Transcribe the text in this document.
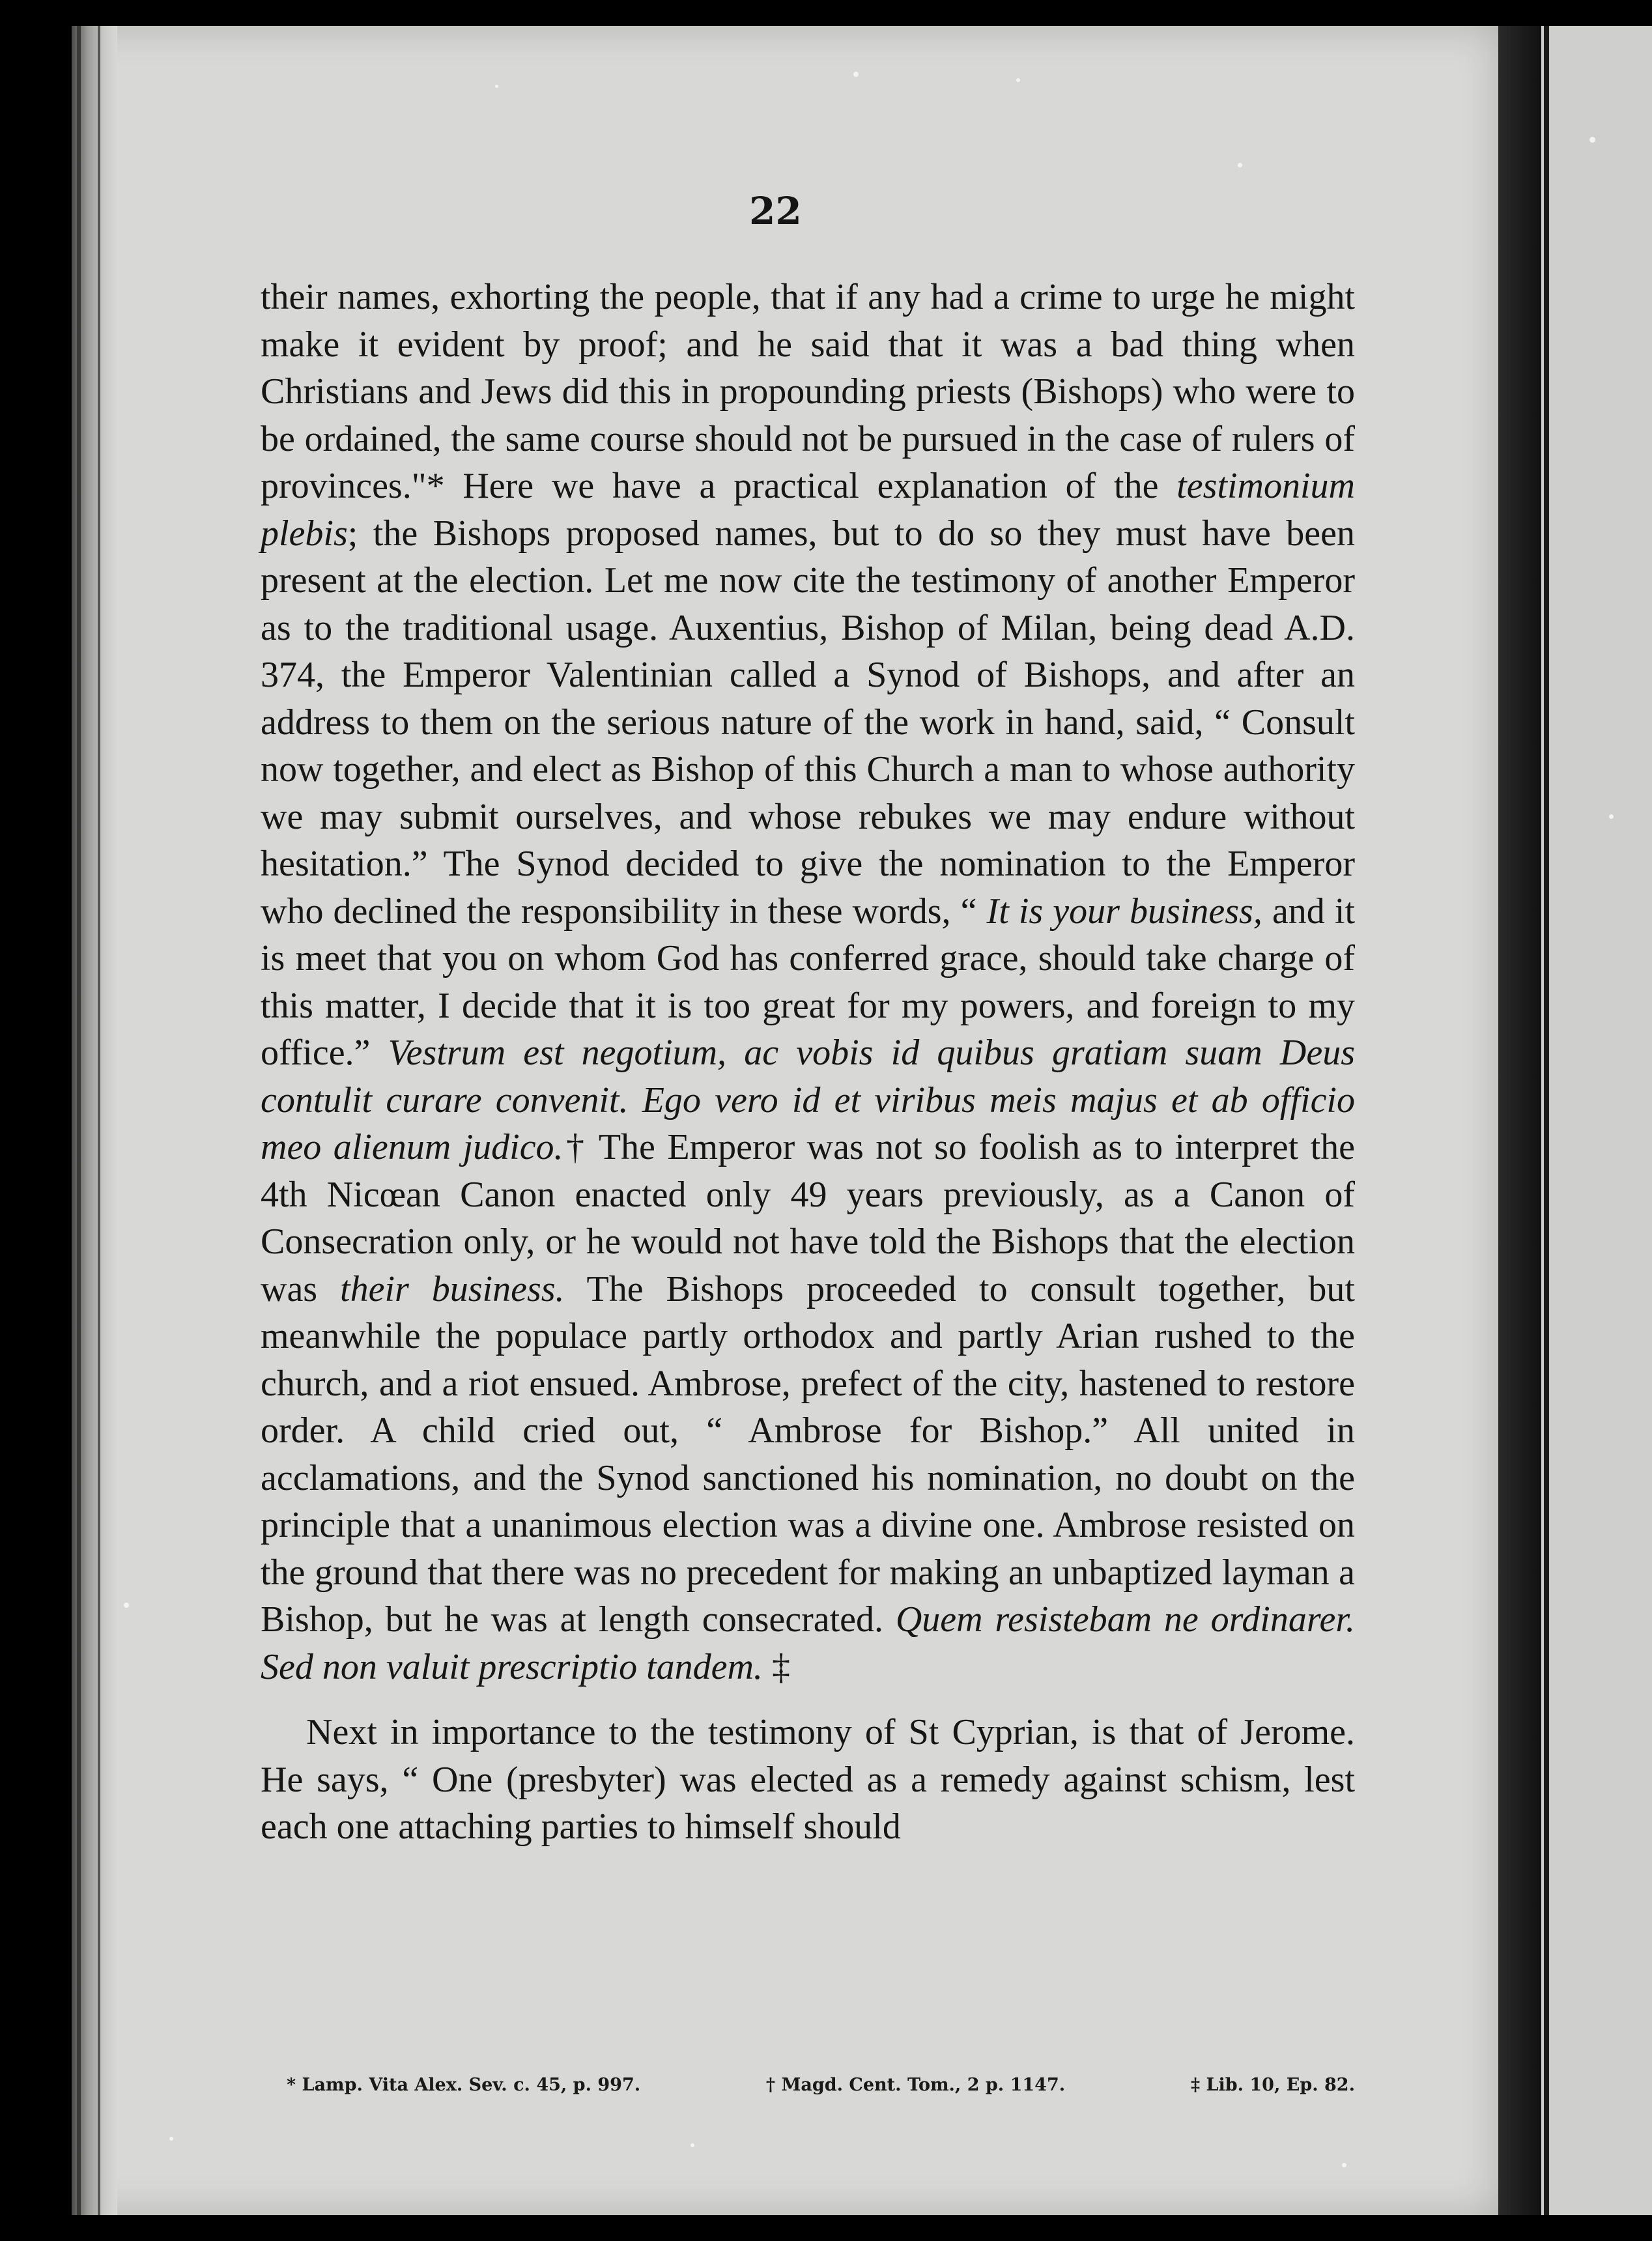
22

their names, exhorting the people, that if any had a crime to urge he might make it evident by proof; and he said that it was a bad thing when Christians and Jews did this in propounding priests (Bishops) who were to be ordained, the same course should not be pursued in the case of rulers of provinces."* Here we have a practical explanation of the testimonium plebis; the Bishops proposed names, but to do so they must have been present at the election. Let me now cite the testimony of another Emperor as to the traditional usage. Auxentius, Bishop of Milan, being dead A.D. 374, the Emperor Valentinian called a Synod of Bishops, and after an address to them on the serious nature of the work in hand, said, “ Consult now together, and elect as Bishop of this Church a man to whose authority we may submit ourselves, and whose rebukes we may endure without hesitation.” The Synod decided to give the nomination to the Emperor who declined the responsibility in these words, “ It is your business, and it is meet that you on whom God has conferred grace, should take charge of this matter, I decide that it is too great for my powers, and foreign to my office.” Vestrum est negotium, ac vobis id quibus gratiam suam Deus contulit curare convenit. Ego vero id et viribus meis majus et ab officio meo alienum judico.† The Emperor was not so foolish as to interpret the 4th Nicœan Canon enacted only 49 years previously, as a Canon of Consecration only, or he would not have told the Bishops that the election was their business. The Bishops proceeded to consult together, but meanwhile the populace partly orthodox and partly Arian rushed to the church, and a riot ensued. Ambrose, prefect of the city, hastened to restore order. A child cried out, “ Ambrose for Bishop.” All united in acclamations, and the Synod sanctioned his nomination, no doubt on the principle that a unanimous election was a divine one. Ambrose resisted on the ground that there was no precedent for making an unbaptized layman a Bishop, but he was at length consecrated. Quem resistebam ne ordinarer. Sed non valuit prescriptio tandem. ‡

Next in importance to the testimony of St Cyprian, is that of Jerome. He says, “ One (presbyter) was elected as a remedy against schism, lest each one attaching parties to himself should

* Lamp. Vita Alex. Sev. c. 45, p. 997.	† Magd. Cent. Tom., 2 p. 1147.	‡ Lib. 10, Ep. 82.
